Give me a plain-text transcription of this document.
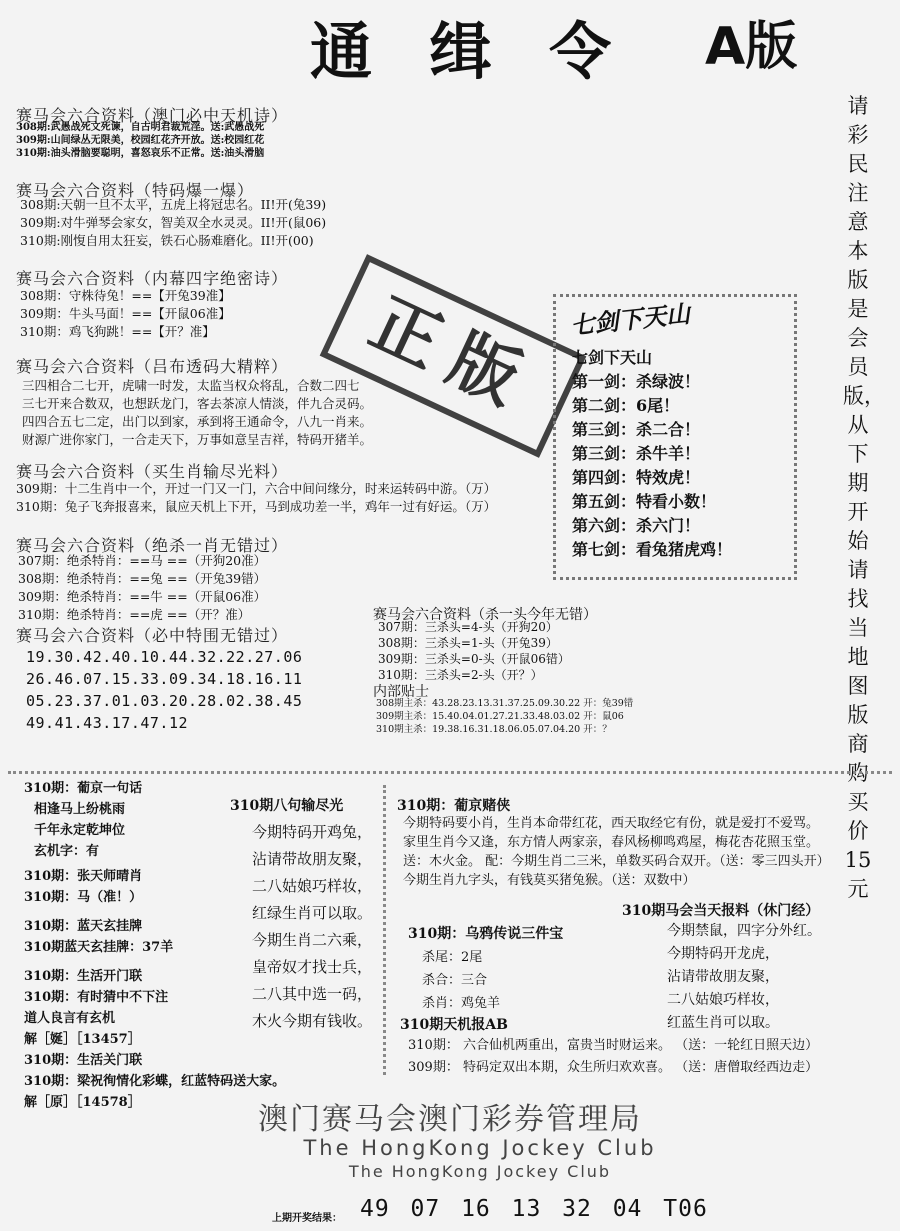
通 缉 令 A版
赛马会六合资料（澳门必中天机诗）
308期:武愚战死文死谏，自古明君裁荒淫。送:武愚战死
309期:山间绿丛无限美，校园红花齐开放。送:校园红花
310期:油头滑脑要聪明，喜怒哀乐不正常。送:油头滑脑
赛马会六合资料（特码爆一爆）
308期:天朝一旦不太平，五虎上将冠忠名。II!开(兔39)
309期:对牛弹琴会家女，智美双全水灵灵。II!开(鼠06)
310期:刚愎自用太狂妄，铁石心肠难磨化。II!开(00)
赛马会六合资料（内幕四字绝密诗）
308期：守株待兔！==【开兔39准】
309期：牛头马面！==【开鼠06准】
310期：鸡飞狗跳！==【开？准】
赛马会六合资料（吕布透码大精粹）
三四相合二七开，虎啸一时发，太监当权众将乱，合数二四七
三七开来合数双，也想跃龙门，客去茶凉人情淡，伴九合灵码。
四四合五七二定，出门以到家，承到将王通命令，八九一肖来。
财源广进你家门，一合走天下，万事如意呈吉祥，特码开猪羊。
正版
赛马会六合资料（买生肖输尽光料）
309期：十二生肖中一个，开过一门又一门，六合中间问缘分，时来运转码中游。（万）
310期：兔子飞奔报喜来，鼠应天机上下开，马到成功差一半，鸡年一过有好运。（万）
赛马会六合资料（绝杀一肖无错过）
307期：绝杀特肖：==马 ==（开狗20准）
308期：绝杀特肖：==兔 ==（开兔39错）
309期：绝杀特肖：==牛 ==（开鼠06准）
310期：绝杀特肖：==虎 ==（开？准）
赛马会六合资料（必中特围无错过）
19.30.42.40.10.44.32.22.27.06
26.46.07.15.33.09.34.18.16.11
05.23.37.01.03.20.28.02.38.45
49.41.43.17.47.12
七剑下天山
七剑下天山
第一剑：杀绿波！
第二剑：6尾！
第三剑：杀二合！
第三剑：杀牛羊！
第四剑：特效虎！
第五剑：特看小数！
第六剑：杀六门！
第七剑：看兔猪虎鸡！
请彩民注意本版是会员版，从下期开始请找当地图版商购买价15元
赛马会六合资料（杀一头今年无错）
307期：三杀头=4-头（开狗20）
308期：三杀头=1-头（开兔39）
309期：三杀头=0-头（开鼠06错）
310期：三杀头=2-头（开？）
内部贴士
308期主杀：43.28.23.13.31.37.25.09.30.22 开：兔39错
309期主杀：15.40.04.01.27.21.33.48.03.02 开：鼠06
310期主杀：19.38.16.31.18.06.05.07.04.20 开：？
310期：葡京一句话
相逢马上纷桃雨
千年永定乾坤位
玄机字：有
310期：张天师晴肖
310期：马（准！）
310期：蓝天玄挂牌
310期蓝天玄挂牌：37羊
310期：生活开门联
310期：有时猜中不下注
道人良言有玄机
解［娫］［13457］
310期：生活关门联
310期：梁祝徇情化彩蝶，红蓝特码送大家。
解［原］［14578］
310期八句输尽光
今期特码开鸡兔，
沾请带故朋友聚，
二八姑娘巧样妆，
红绿生肖可以取。
今期生肖二六乘，
皇帝奴才找士兵，
二八其中选一码，
木火今期有钱收。
310期：葡京赌侠
今期特码要小肖，生肖本命带红花，西天取经它有份，就是爱打不爱骂。
家里生肖今又逢，东方情人两家亲，春风杨柳鸣鸡屋，梅花杏花照玉堂。
送：木火金。 配：今期生肖二三米，单数买码合双开。（送：零三四头开）
今期生肖九字头，有钱莫买猪兔猴。（送：双数中）
310期：乌鸦传说三件宝
杀尾：2尾
杀合：三合
杀肖：鸡兔羊
310期马会当天报料（休门经）
今期禁鼠，四字分外红。
今期特码开龙虎，
沾请带故朋友聚，
二八姑娘巧样妆，
红蓝生肖可以取。
310期天机报AB
310期： 六合仙机两重出，富贵当时财运来。 （送：一轮红日照天边）
309期： 特码定双出本期，众生所归欢欢喜。 （送：唐僧取经西边走）
澳门赛马会澳门彩券管理局
The HongKong Jockey Club
The HongKong Jockey Club
上期开奖结果： 49 07 16 13 32 04 T06
